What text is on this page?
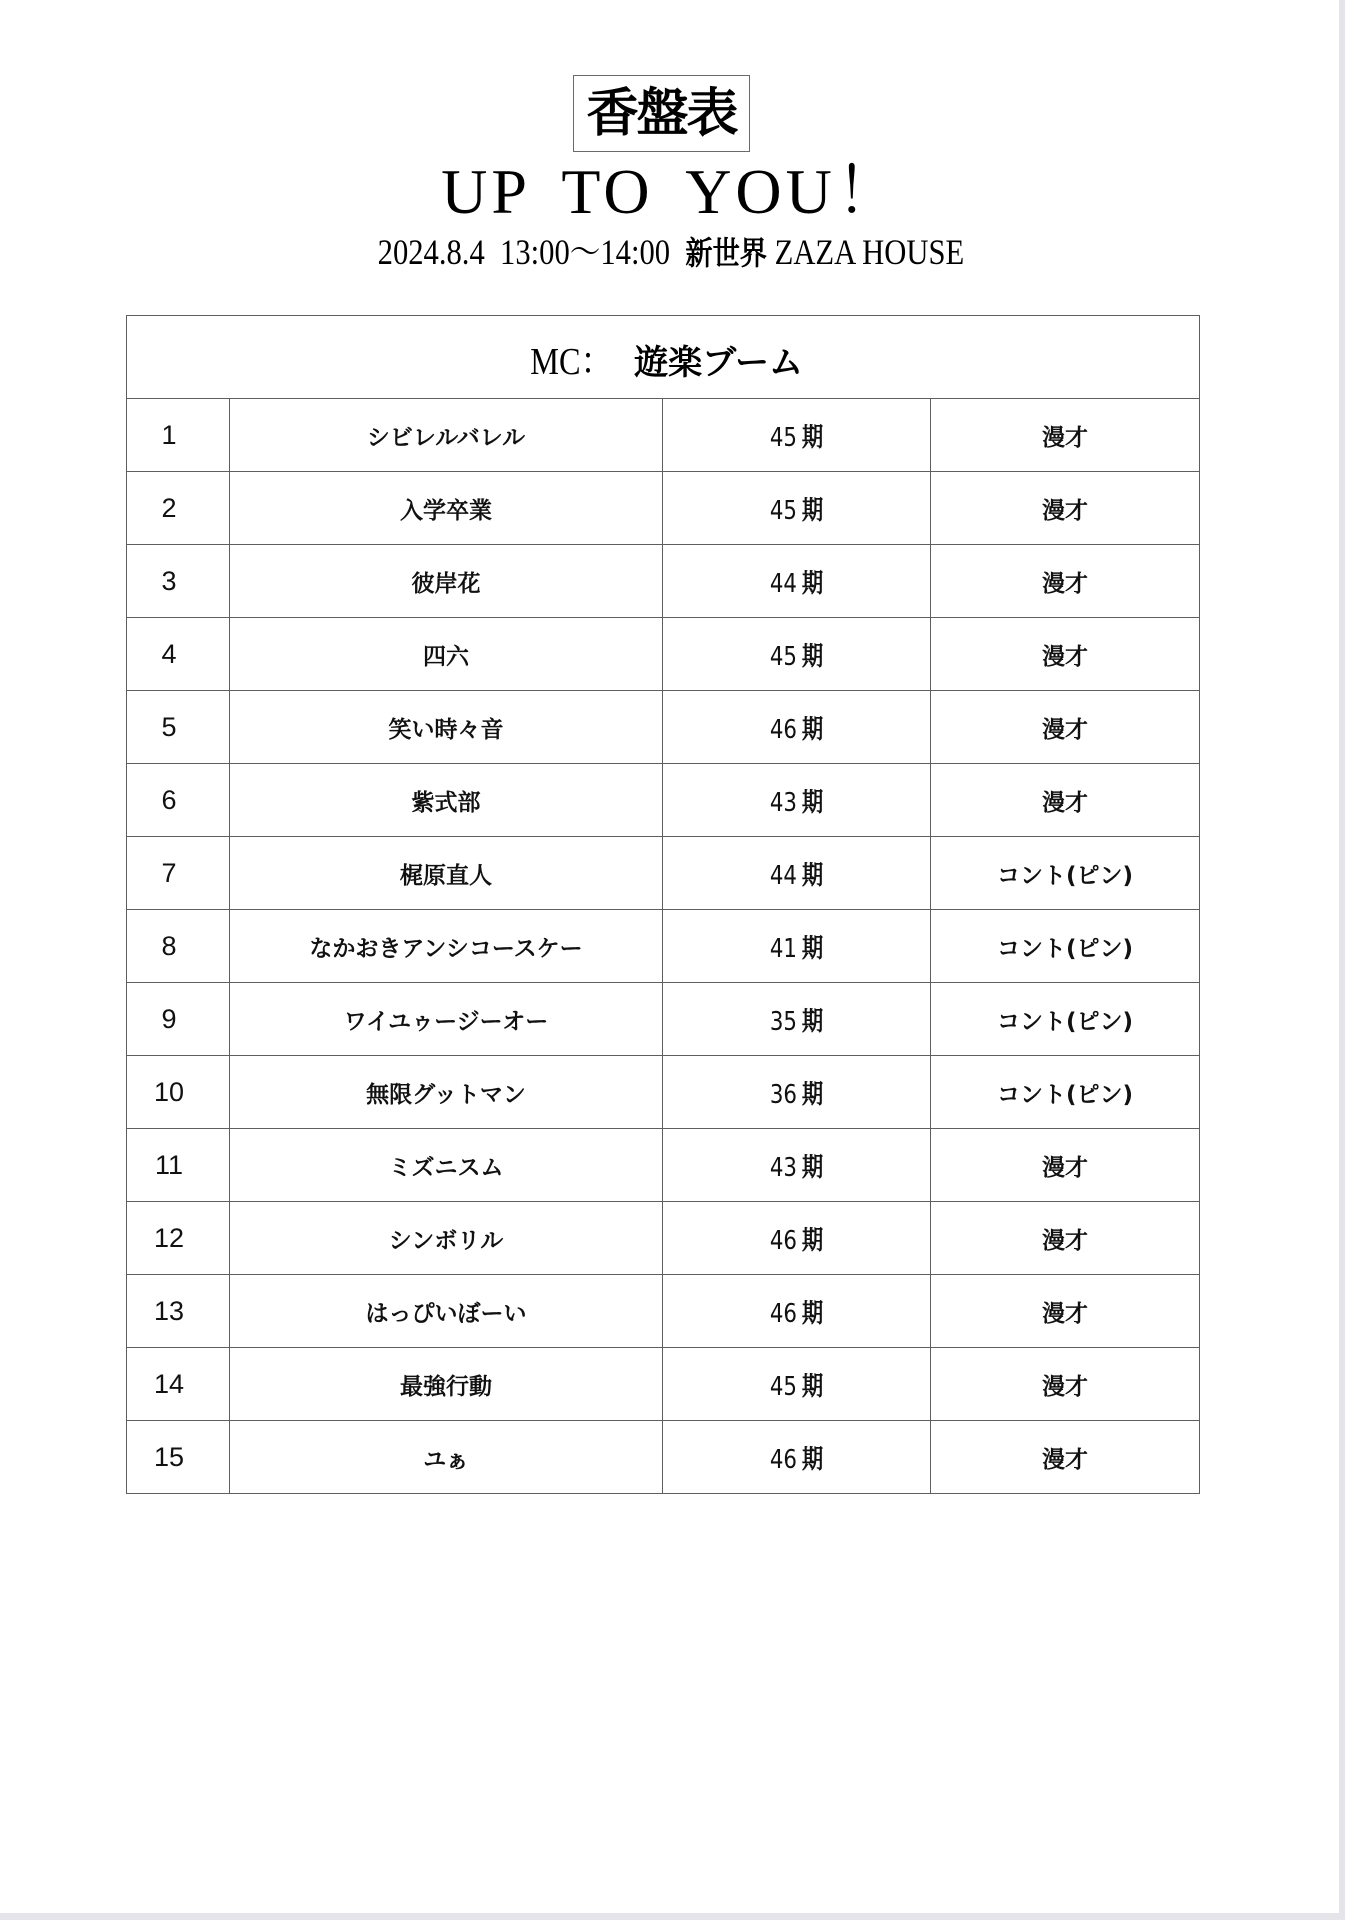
香盤表
UP TO YOU！
2024.8.4 13:00〜14:00 新世界 ZAZA HOUSE
MC： 遊楽ブーム			
1	シビレルバレル	45 期	漫才
2	入学卒業	45 期	漫才
3	彼岸花	44 期	漫才
4	四六	45 期	漫才
5	笑い時々音	46 期	漫才
6	紫式部	43 期	漫才
7	梶原直人	44 期	コント(ピン)
8	なかおきアンシコースケー	41 期	コント(ピン)
9	ワイユゥージーオー	35 期	コント(ピン)
10	無限グットマン	36 期	コント(ピン)
11	ミズニスム	43 期	漫才
12	シンボリル	46 期	漫才
13	はっぴいぼーい	46 期	漫才
14	最強行動	45 期	漫才
15	ユぁ	46 期	漫才
